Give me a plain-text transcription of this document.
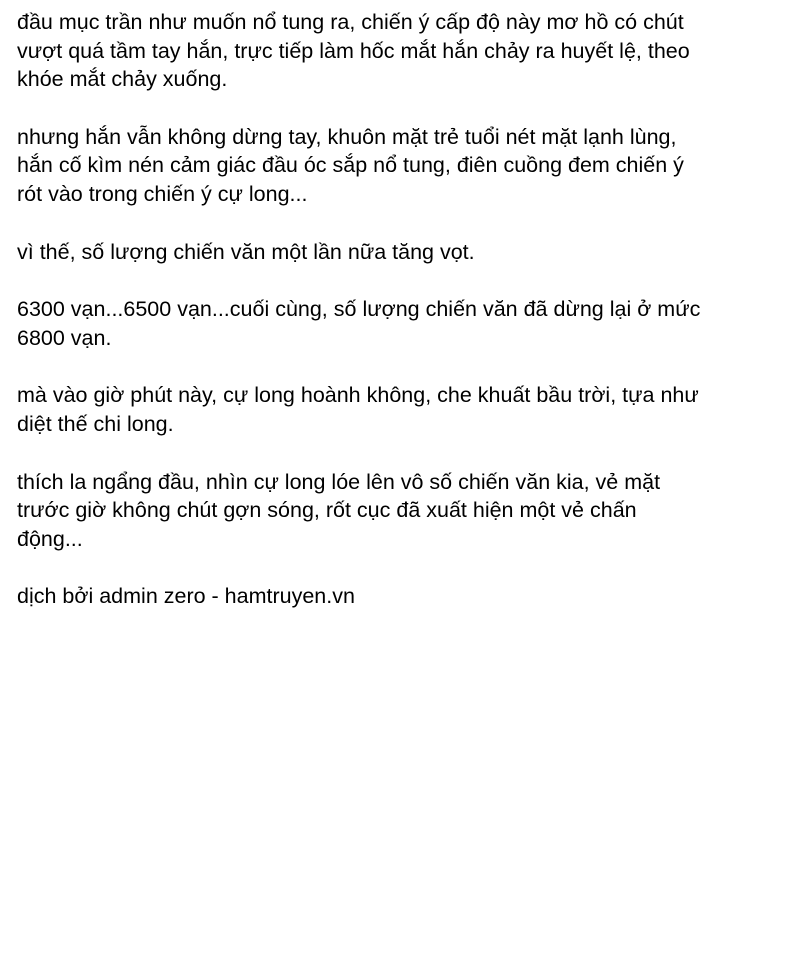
đầu mục trần như muốn nổ tung ra, chiến ý cấp độ này mơ hồ có chút
vượt quá tầm tay hắn, trực tiếp làm hốc mắt hắn chảy ra huyết lệ, theo
khóe mắt chảy xuống.

nhưng hắn vẫn không dừng tay, khuôn mặt trẻ tuổi nét mặt lạnh lùng,
hắn cố kìm nén cảm giác đầu óc sắp nổ tung, điên cuồng đem chiến ý
rót vào trong chiến ý cự long...

vì thế, số lượng chiến văn một lần nữa tăng vọt.

6300 vạn...6500 vạn...cuối cùng, số lượng chiến văn đã dừng lại ở mức
6800 vạn.

mà vào giờ phút này, cự long hoành không, che khuất bầu trời, tựa như
diệt thế chi long.

thích la ngẩng đầu, nhìn cự long lóe lên vô số chiến văn kia, vẻ mặt
trước giờ không chút gợn sóng, rốt cục đã xuất hiện một vẻ chấn
động...

dịch bởi admin zero - hamtruyen.vn
